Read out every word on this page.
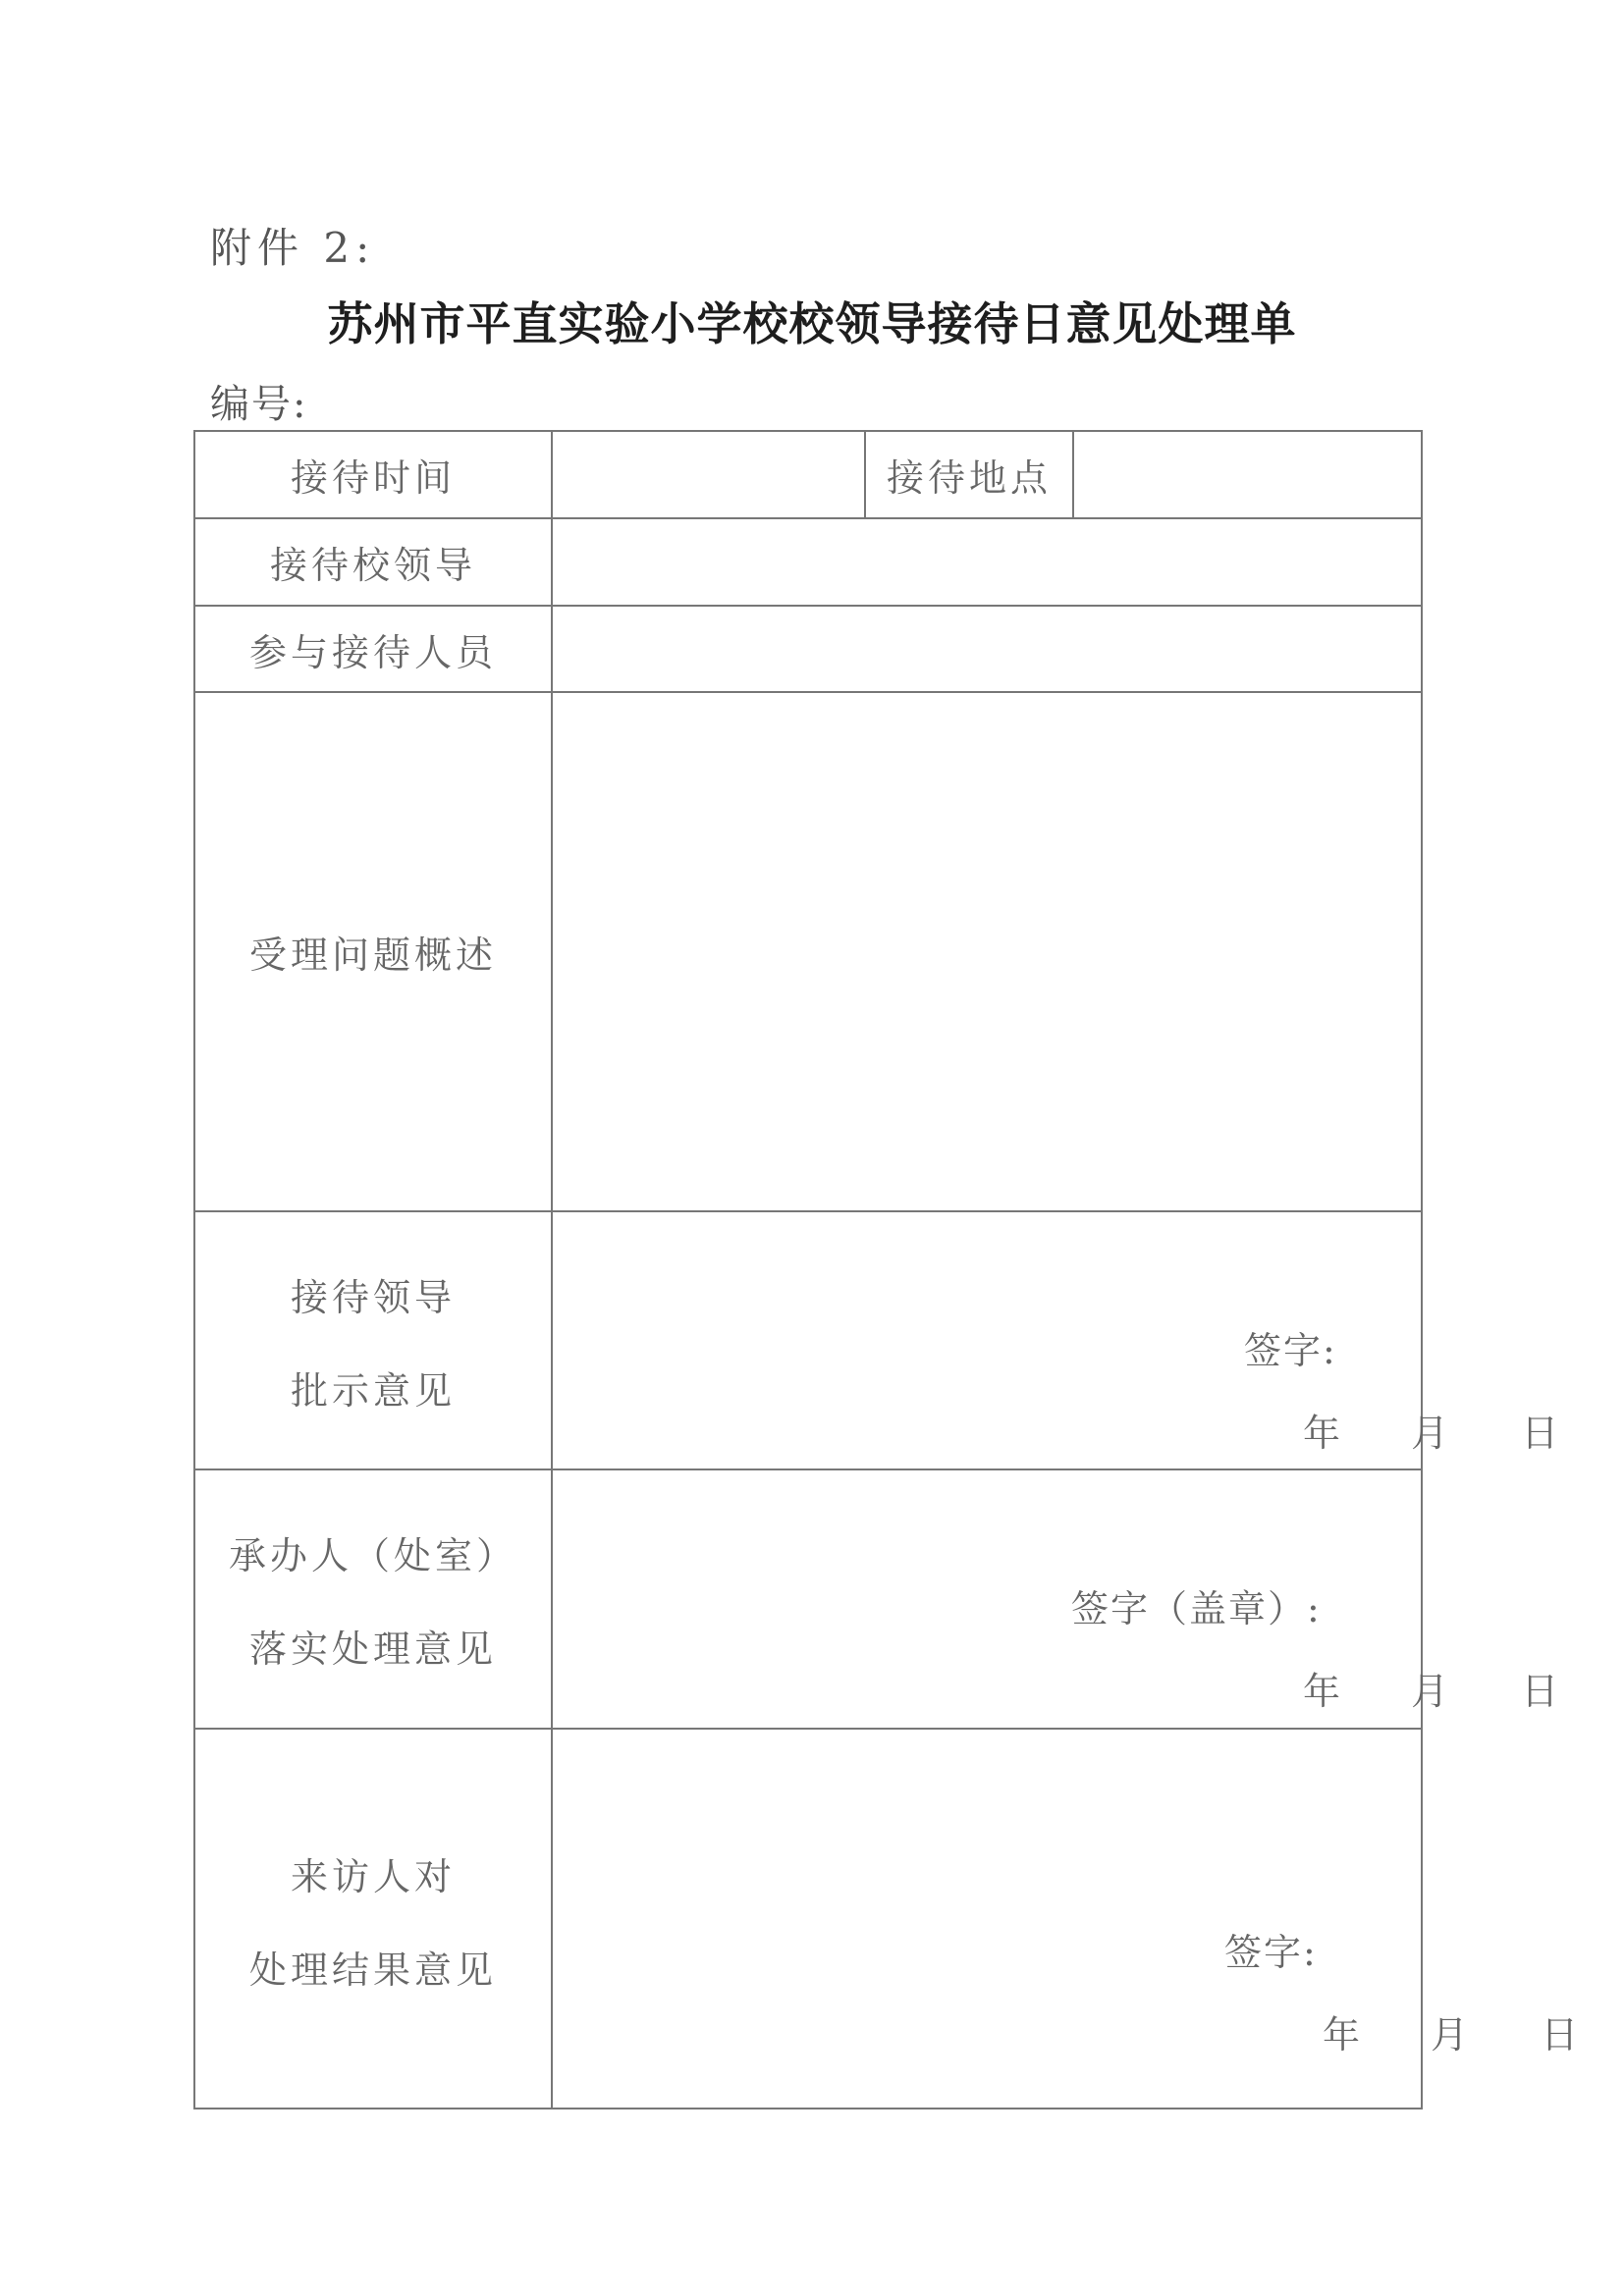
附件 2:
苏州市平直实验小学校校领导接待日意见处理单
编号:
接待时间	接待地点
接待校领导
参与接待人员
受理问题概述
接待领导
批示意见
签字:
年 月 日
承办人（处室）
落实处理意见
签字（盖章）:
年 月 日
来访人对
处理结果意见	签字:
年 月 日
